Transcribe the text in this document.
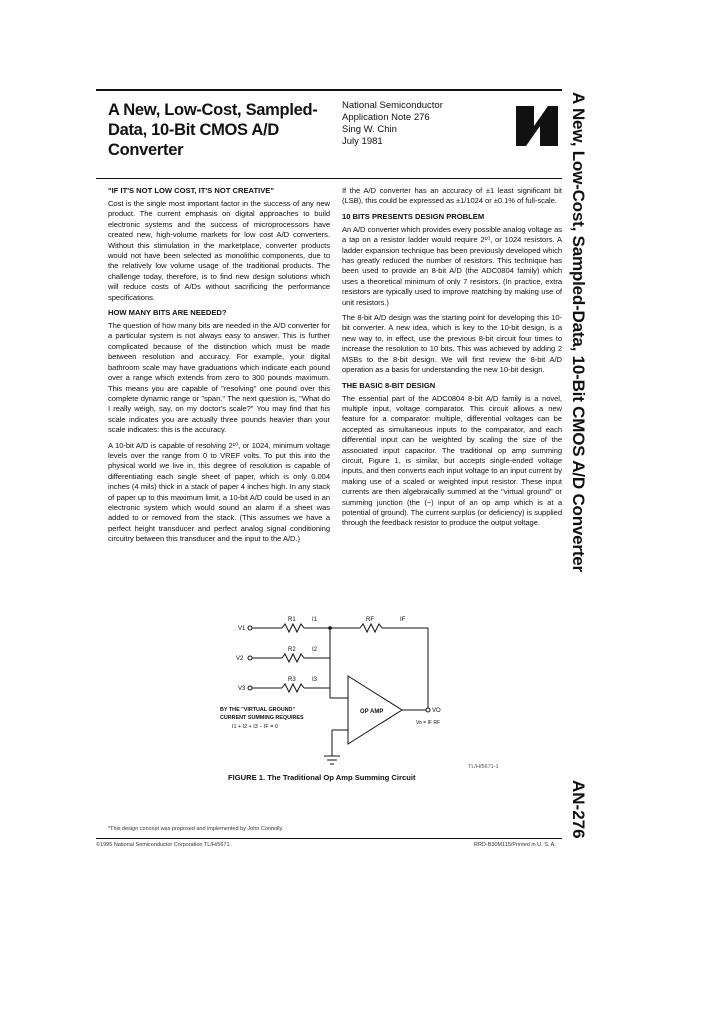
A New, Low-Cost, Sampled-Data, 10-Bit CMOS A/D Converter
National Semiconductor
Application Note 276
Sing W. Chin
July 1981	A New, Low-Cost, Sampled-Data, 10-Bit CMOS A/D Converter
AN-276
"IF IT'S NOT LOW COST, IT'S NOT CREATIVE"
Cost is the single most important factor in the success of any new product. The current emphasis on digital approaches to build electronic systems and the success of microprocessors have created new, high-volume markets for low cost A/D converters. Without this stimulation in the marketplace, converter products would not have been selected as monolithic components, due to the relatively low volume usage of the traditional products. The challenge today, therefore, is to find new design solutions which will reduce costs of A/Ds without sacrificing the performance specifications.
HOW MANY BITS ARE NEEDED?
The question of how many bits are needed in the A/D converter for a particular system is not always easy to answer. This is further complicated because of the distinction which must be made between resolution and accuracy. For example, your digital bathroom scale may have graduations which indicate each pound over a range which extends from zero to 300 pounds maximum. This means you are capable of "resolving" one pound over this complete dynamic range or "span." The next question is, "What do I really weigh, say, on my doctor's scale?" You may find that his scale indicates you are actually three pounds heavier than your scale indicates: this is the accuracy.
A 10-bit A/D is capable of resolving 2¹⁰, or 1024, minimum voltage levels over the range from 0 to VREF volts. To put this into the physical world we live in, this degree of resolution is capable of differentiating each single sheet of paper, which is only 0.004 inches (4 mils) thick in a stack of paper 4 inches high. In any stack of paper up to this maximum limit, a 10-bit A/D could be used in an electronic system which would sound an alarm if a sheet was added to or removed from the stack. (This assumes we have a perfect height transducer and perfect analog signal conditioning circuitry between this transducer and the input to the A/D.)
If the A/D converter has an accuracy of ±1 least significant bit (LSB), this could be expressed as ±1/1024 or ±0.1% of full-scale.
10 BITS PRESENTS DESIGN PROBLEM
An A/D converter which provides every possible analog voltage as a tap on a resistor ladder would require 2¹⁰, or 1024 resistors. A ladder expansion technique has been previously developed which has greatly reduced the number of resistors. This technique has been used to provide an 8-bit A/D (the ADC0804 family) which uses a theoretical minimum of only 7 resistors. (In practice, extra resistors are typically used to improve matching by making use of unit resistors.)
The 8-bit A/D design was the starting point for developing this 10-bit converter. A new idea, which is key to the 10-bit design, is a new way to, in effect, use the previous 8-bit circuit four times to increase the resolution to 10 bits. This was achieved by adding 2 MSBs to the 8-bit design. We will first review the 8-bit A/D operation as a basis for understanding the new 10-bit design.
THE BASIC 8-BIT DESIGN
The essential part of the ADC0804 8-bit A/D family is a novel, multiple input, voltage comparator. This circuit allows a new feature for a comparator: multiple, differential voltages can be accepted as simultaneous inputs to the comparator, and each differential input can be weighted by scaling the size of the associated input capacitor. The traditional op amp summing circuit, Figure 1, is similar, but accepts single-ended voltage inputs, and then converts each input voltage to an input current by making use of a scaled or weighted input resistor. These input currents are then algebraically summed at the "virtual ground" or summing junction (the (−) input of an op amp which is at a potential of ground). The current surplus (or deficiency) is supplied through the feedback resistor to produce the output voltage.
V1
V2
V3
R1
R2
R3
RF
I1
I2
I3
IF
OP AMP	VO
Vo = IF RF
BY THE "VIRTUAL GROUND"
CURRENT SUMMING REQUIRES
I1 + I2 + I3 − IF = 0
TL/H/5671-1
FIGURE 1. The Traditional Op Amp Summing Circuit
*This design concept was proposed and implemented by John Connolly.
©1995 National Semiconductor Corporation TL/H/5671	RRD-B30M115/Printed in U. S. A.
